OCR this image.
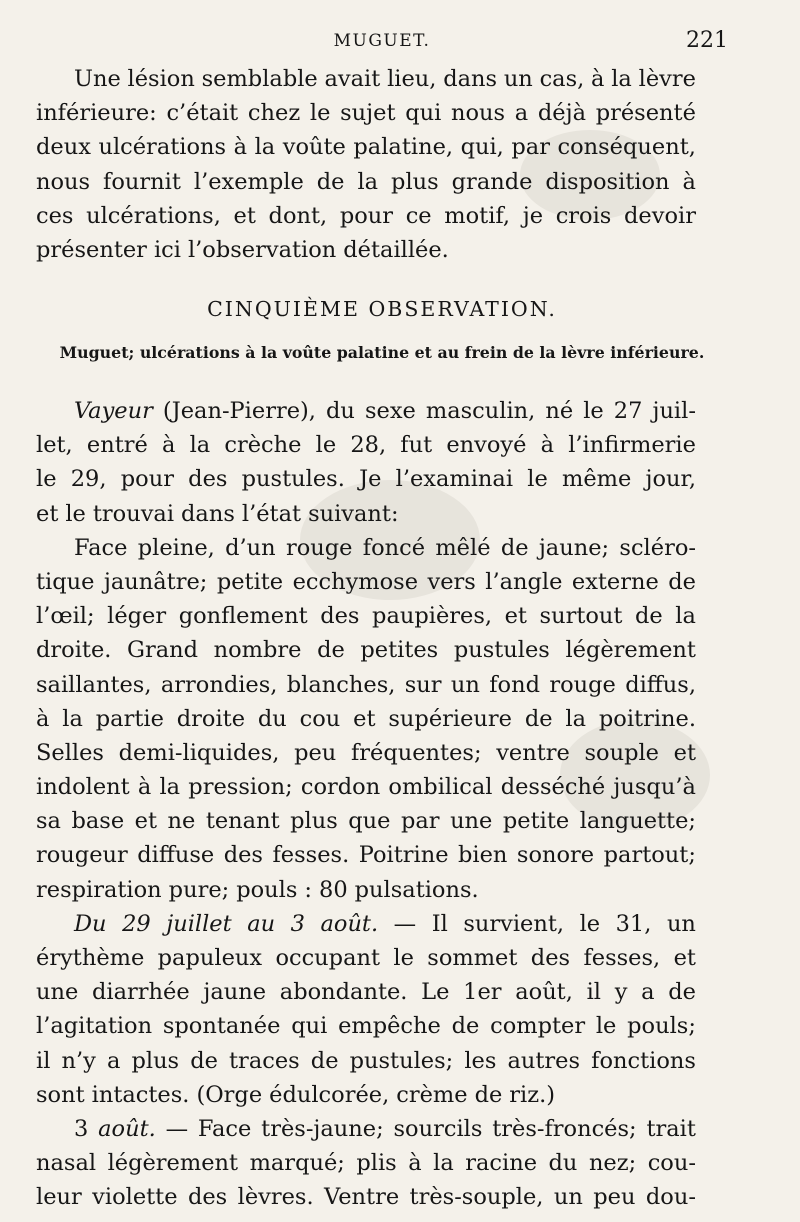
MUGUET.	221
Une lésion semblable avait lieu, dans un cas, à la lèvre
inférieure: c’était chez le sujet qui nous a déjà présenté
deux ulcérations à la voûte palatine, qui, par conséquent,
nous fournit l’exemple de la plus grande disposition à
ces ulcérations, et dont, pour ce motif, je crois devoir
présenter ici l’observation détaillée.
CINQUIÈME OBSERVATION.
Muguet; ulcérations à la voûte palatine et au frein de la lèvre inférieure.
Vayeur (Jean-Pierre), du sexe masculin, né le 27 juil-
let, entré à la crèche le 28, fut envoyé à l’infirmerie
le 29, pour des pustules. Je l’examinai le même jour,
et le trouvai dans l’état suivant:
Face pleine, d’un rouge foncé mêlé de jaune; scléro-
tique jaunâtre; petite ecchymose vers l’angle externe de
l’œil; léger gonflement des paupières, et surtout de la
droite. Grand nombre de petites pustules légèrement
saillantes, arrondies, blanches, sur un fond rouge diffus,
à la partie droite du cou et supérieure de la poitrine.
Selles demi-liquides, peu fréquentes; ventre souple et
indolent à la pression; cordon ombilical desséché jusqu’à
sa base et ne tenant plus que par une petite languette;
rougeur diffuse des fesses. Poitrine bien sonore partout;
respiration pure; pouls : 80 pulsations.
Du 29 juillet au 3 août. — Il survient, le 31, un
érythème papuleux occupant le sommet des fesses, et
une diarrhée jaune abondante. Le 1er août, il y a de
l’agitation spontanée qui empêche de compter le pouls;
il n’y a plus de traces de pustules; les autres fonctions
sont intactes. (Orge édulcorée, crème de riz.)
3 août. — Face très-jaune; sourcils très-froncés; trait
nasal légèrement marqué; plis à la racine du nez; cou-
leur violette des lèvres. Ventre très-souple, un peu dou-
